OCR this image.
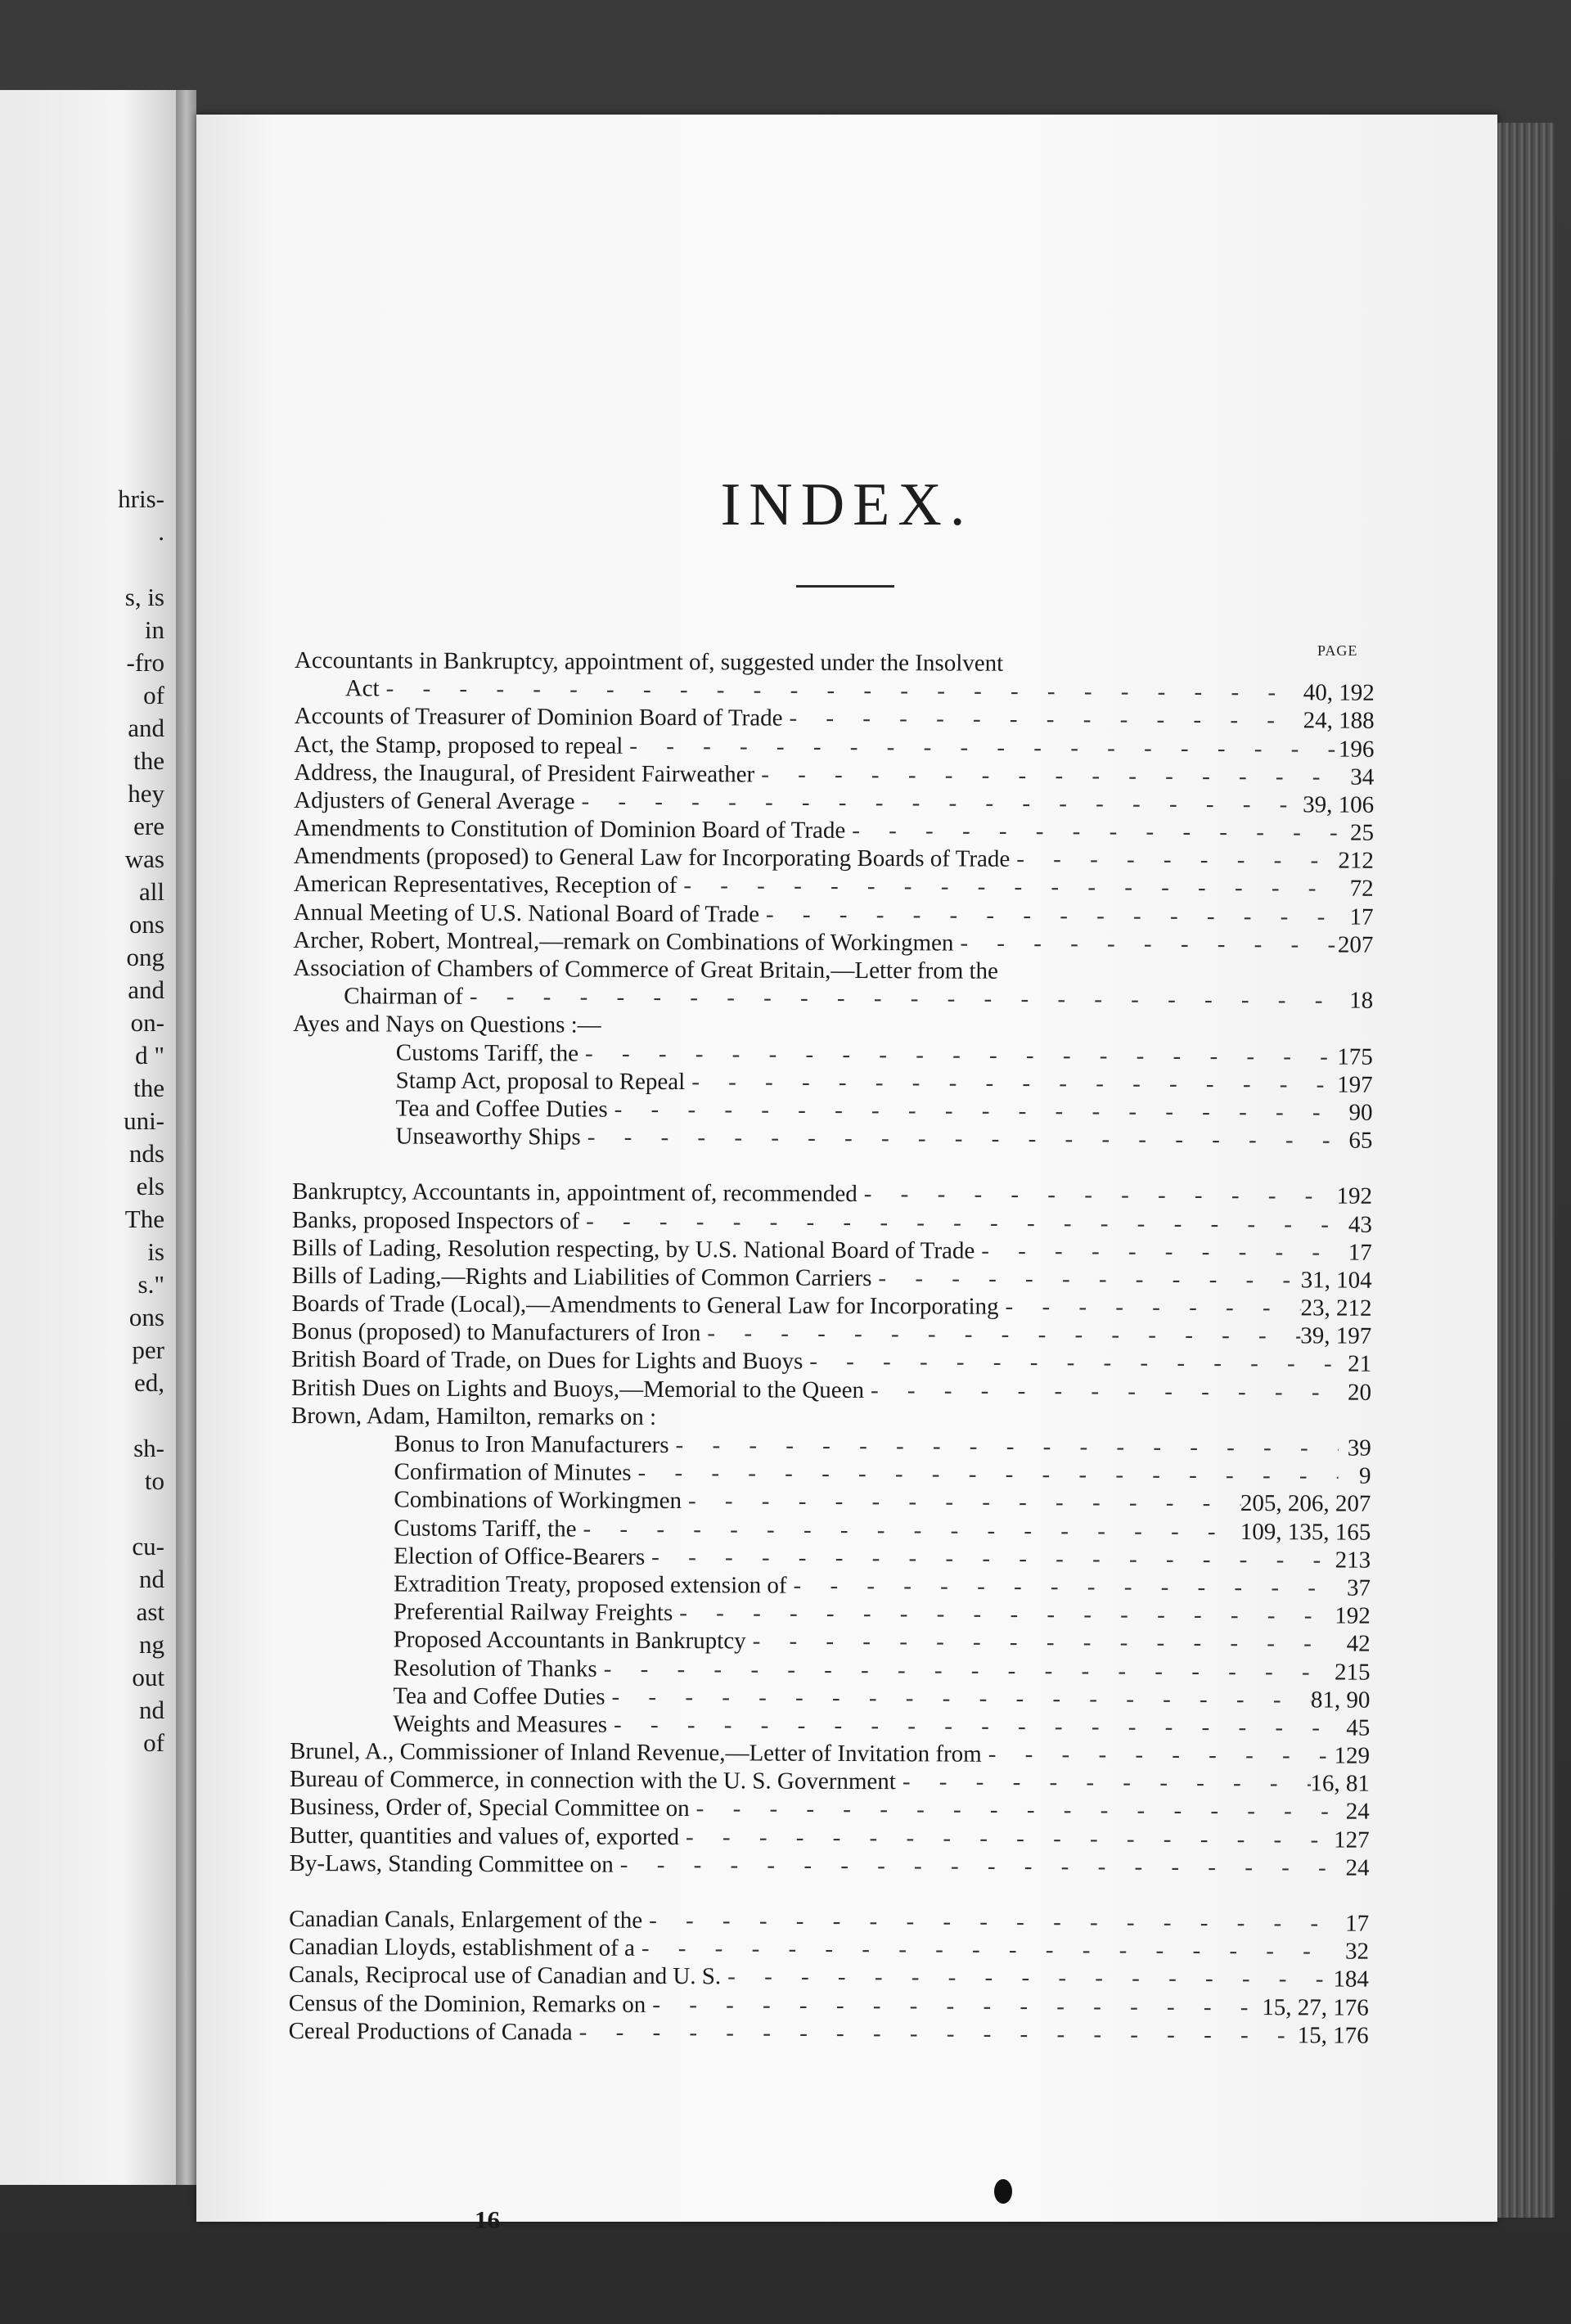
hris-
.
s, is
in
-fro
of
and
the
hey
ere
was
all
ons
ong
and
on-
d "
the
uni-
nds
els
The
is
s."
ons
per
ed,
sh-
to
cu-
nd
ast
ng
out
nd
of
INDEX.
PAGE
Accountants in Bankruptcy, appointment of, suggested under the Insolvent
Act - - -	40, 192
Accounts of Treasurer of Dominion Board of Trade - - -	24, 188
Act, the Stamp, proposed to repeal - - -	196
Address, the Inaugural, of President Fairweather - - -	34
Adjusters of General Average - - -	39, 106
Amendments to Constitution of Dominion Board of Trade - - -	25
Amendments (proposed) to General Law for Incorporating Boards of Trade - - -	212
American Representatives, Reception of - - -	72
Annual Meeting of U.S. National Board of Trade - - -	17
Archer, Robert, Montreal,—remark on Combinations of Workingmen - - -	207
Association of Chambers of Commerce of Great Britain,—Letter from the
Chairman of - - -	18
Ayes and Nays on Questions :—
Customs Tariff, the - - -	175
Stamp Act, proposal to Repeal - - -	197
Tea and Coffee Duties - - -	90
Unseaworthy Ships - - -	65
Bankruptcy, Accountants in, appointment of, recommended - - -	192
Banks, proposed Inspectors of - - -	43
Bills of Lading, Resolution respecting, by U.S. National Board of Trade - - -	17
Bills of Lading,—Rights and Liabilities of Common Carriers - - -	31, 104
Boards of Trade (Local),—Amendments to General Law for Incorporating - - -	23, 212
Bonus (proposed) to Manufacturers of Iron - - -	39, 197
British Board of Trade, on Dues for Lights and Buoys - - -	21
British Dues on Lights and Buoys,—Memorial to the Queen - - -	20
Brown, Adam, Hamilton, remarks on :
Bonus to Iron Manufacturers - - -	39
Confirmation of Minutes - - -	9
Combinations of Workingmen - - -	205, 206, 207
Customs Tariff, the - - -	109, 135, 165
Election of Office-Bearers - - -	213
Extradition Treaty, proposed extension of - - -	37
Preferential Railway Freights - - -	192
Proposed Accountants in Bankruptcy - - -	42
Resolution of Thanks - - -	215
Tea and Coffee Duties - - -	81, 90
Weights and Measures - - -	45
Brunel, A., Commissioner of Inland Revenue,—Letter of Invitation from - - -	129
Bureau of Commerce, in connection with the U. S. Government - - -	16, 81
Business, Order of, Special Committee on - - -	24
Butter, quantities and values of, exported - - -	127
By-Laws, Standing Committee on - - -	24
Canadian Canals, Enlargement of the - - -	17
Canadian Lloyds, establishment of a - - -	32
Canals, Reciprocal use of Canadian and U. S. - - -	184
Census of the Dominion, Remarks on - - -	15, 27, 176
Cereal Productions of Canada - - -	15, 176
16
